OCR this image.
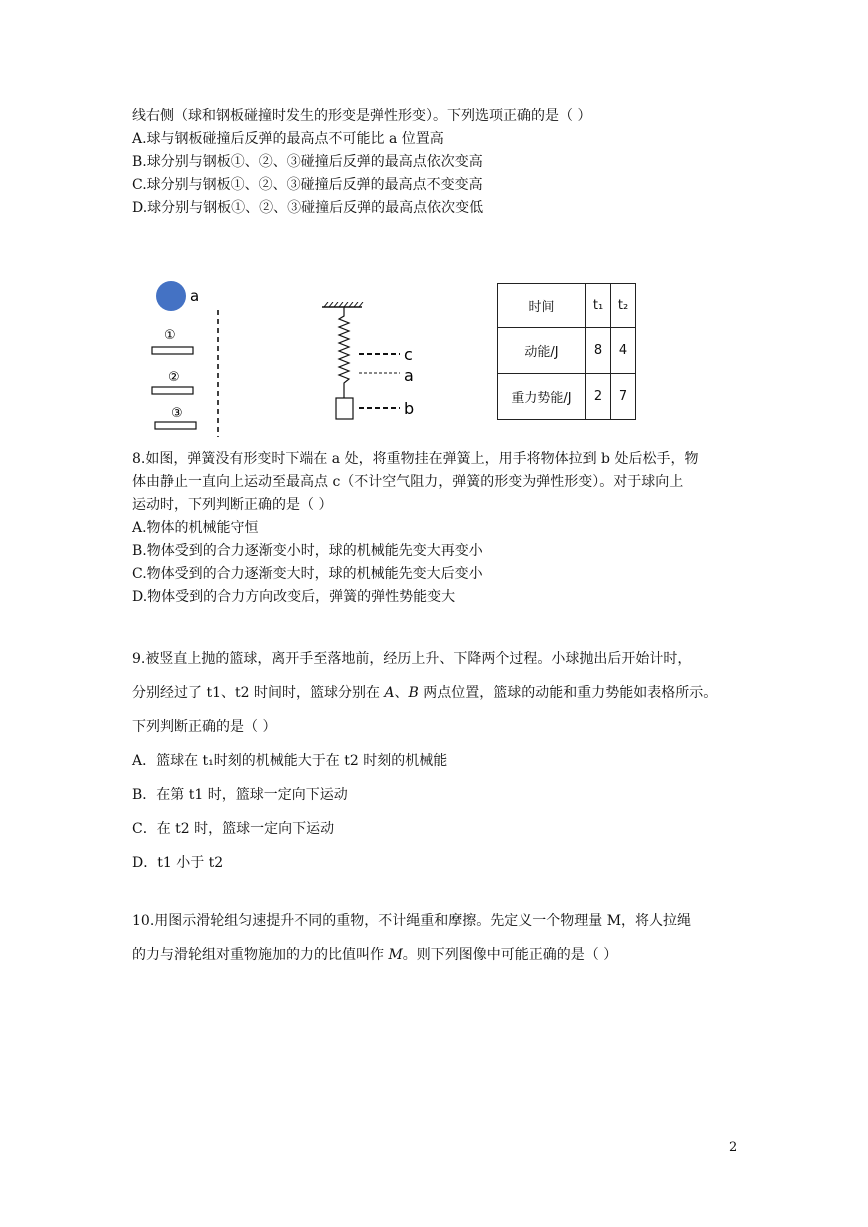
线右侧（球和钢板碰撞时发生的形变是弹性形变）。下列选项正确的是（ ）
A.球与钢板碰撞后反弹的最高点不可能比 a 位置高
B.球分别与钢板①、②、③碰撞后反弹的最高点依次变高
C.球分别与钢板①、②、③碰撞后反弹的最高点不变变高
D.球分别与钢板①、②、③碰撞后反弹的最高点依次变低
a
①
②
③
c
a
b
时间	t₁	t₂
动能/J	8	4
重力势能/J	2	7

8.如图，弹簧没有形变时下端在 a 处，将重物挂在弹簧上，用手将物体拉到 b 处后松手，物

体由静止一直向上运动至最高点 c（不计空气阻力，弹簧的形变为弹性形变）。对于球向上

运动时，下列判断正确的是（ ）

A.物体的机械能守恒

B.物体受到的合力逐渐变小时，球的机械能先变大再变小

C.物体受到的合力逐渐变大时，球的机械能先变大后变小

D.物体受到的合力方向改变后，弹簧的弹性势能变大

9.被竖直上抛的篮球，离开手至落地前，经历上升、下降两个过程。小球抛出后开始计时，

分别经过了 t1、t2 时间时，篮球分别在 A、B 两点位置，篮球的动能和重力势能如表格所示。

下列判断正确的是（ ）

A．篮球在 t₁时刻的机械能大于在 t2 时刻的机械能

B．在第 t1 时，篮球一定向下运动

C．在 t2 时，篮球一定向下运动

D．t1 小于 t2

10.用图示滑轮组匀速提升不同的重物，不计绳重和摩擦。先定义一个物理量 M，将人拉绳

的力与滑轮组对重物施加的力的比值叫作 M。则下列图像中可能正确的是（ ）

2
